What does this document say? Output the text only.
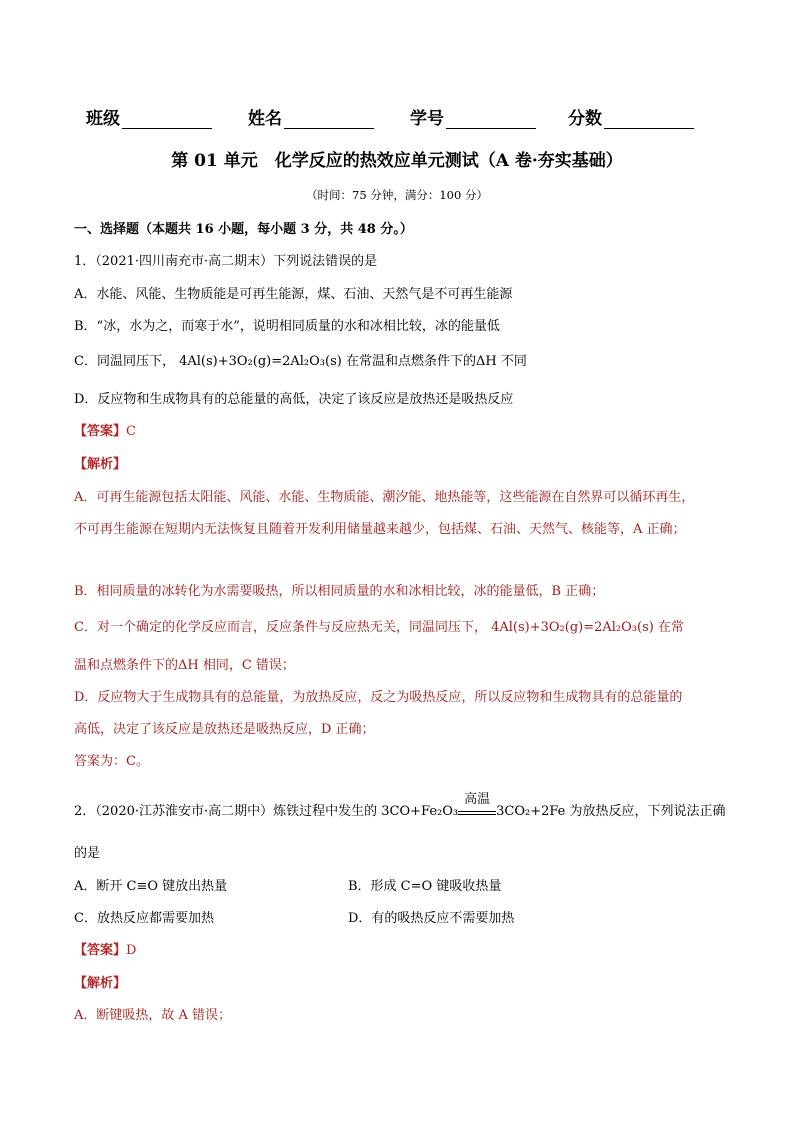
班级	姓名	学号	分数
第 01 单元　化学反应的热效应单元测试（A 卷·夯实基础）
（时间：75 分钟，满分：100 分）
一、选择题（本题共 16 小题，每小题 3 分，共 48 分。）
1．（2021·四川南充市·高二期末）下列说法错误的是
A．水能、风能、生物质能是可再生能源，煤、石油、天然气是不可再生能源
B．“冰，水为之，而寒于水”，说明相同质量的水和冰相比较，冰的能量低
C．同温同压下， 4Al(s)+3O₂(g)=2Al₂O₃(s) 在常温和点燃条件下的ΔH 不同
D．反应物和生成物具有的总能量的高低，决定了该反应是放热还是吸热反应
【答案】C
【解析】
A．可再生能源包括太阳能、风能、水能、生物质能、潮汐能、地热能等，这些能源在自然界可以循环再生，
不可再生能源在短期内无法恢复且随着开发利用储量越来越少，包括煤、石油、天然气、核能等，A 正确；
B．相同质量的冰转化为水需要吸热，所以相同质量的水和冰相比较，冰的能量低，B 正确；
C．对一个确定的化学反应而言，反应条件与反应热无关，同温同压下， 4Al(s)+3O₂(g)=2Al₂O₃(s) 在常
温和点燃条件下的ΔH 相同，C 错误；
D．反应物大于生成物具有的总能量，为放热反应，反之为吸热反应，所以反应物和生成物具有的总能量的
高低，决定了该反应是放热还是吸热反应，D 正确；
答案为：C。
2．（2020·江苏淮安市·高二期中）炼铁过程中发生的 3CO+Fe₂O₃
高温
3CO₂+2Fe 为放热反应，下列说法正确
的是
A．断开 C≡O 键放出热量	B．形成 C=O 键吸收热量
C．放热反应都需要加热	D．有的吸热反应不需要加热
【答案】D
【解析】
A．断键吸热，故 A 错误；
